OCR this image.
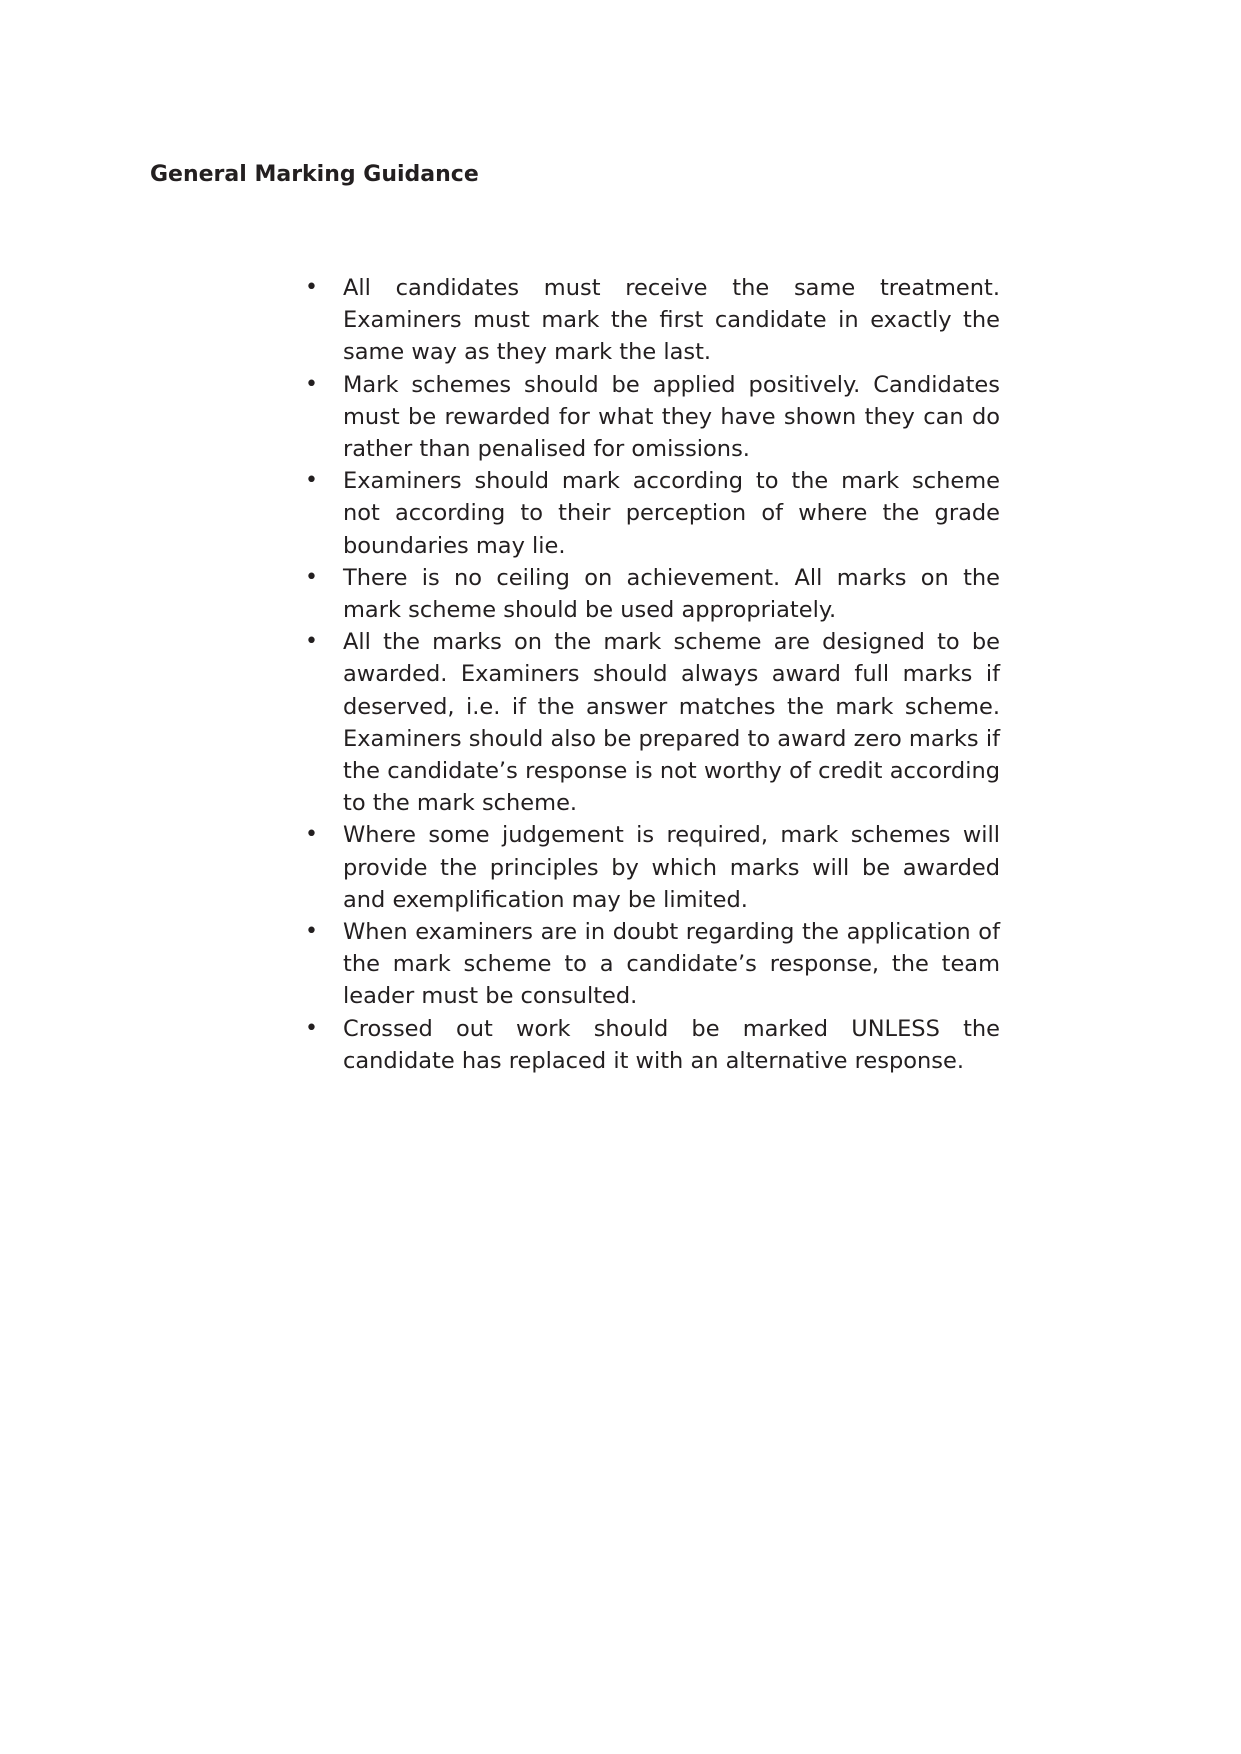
General Marking Guidance
• All candidates must receive the same treatment. Examiners must mark the first candidate in exactly the same way as they mark the last.
• Mark schemes should be applied positively. Candidates must be rewarded for what they have shown they can do rather than penalised for omissions.
• Examiners should mark according to the mark scheme not according to their perception of where the grade boundaries may lie.
• There is no ceiling on achievement. All marks on the mark scheme should be used appropriately.
• All the marks on the mark scheme are designed to be awarded. Examiners should always award full marks if deserved, i.e. if the answer matches the mark scheme. Examiners should also be prepared to award zero marks if the candidate’s response is not worthy of credit according to the mark scheme.
• Where some judgement is required, mark schemes will provide the principles by which marks will be awarded and exemplification may be limited.
• When examiners are in doubt regarding the application of the mark scheme to a candidate’s response, the team leader must be consulted.
• Crossed out work should be marked UNLESS the candidate has replaced it with an alternative response.
